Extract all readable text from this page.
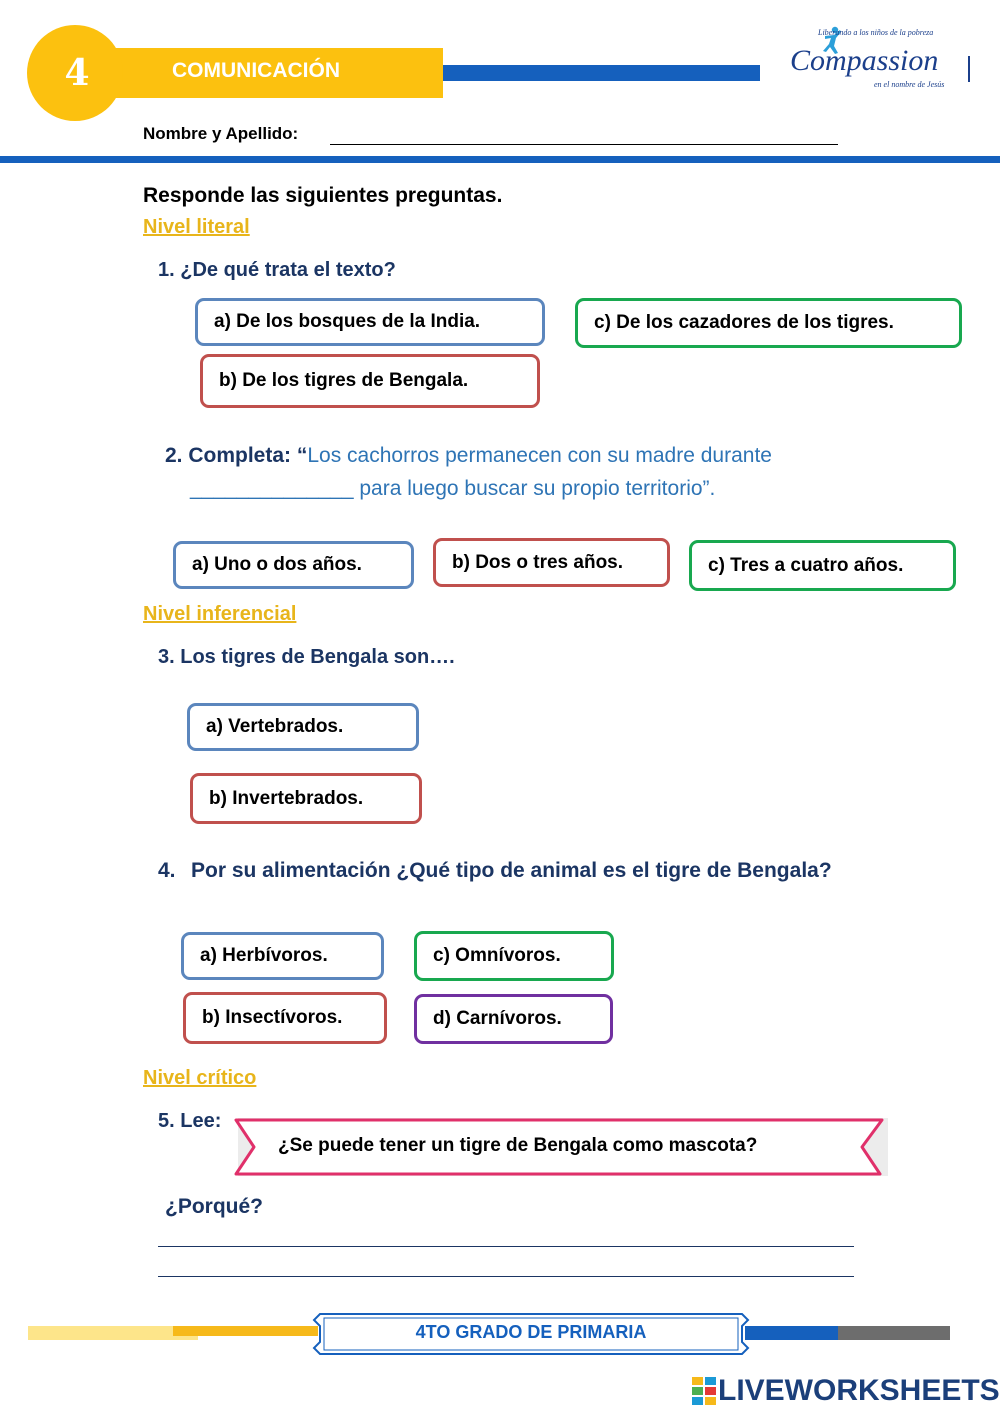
4	COMUNICACIÓN
Liberando a los niños de la pobreza
Compassion
en el nombre de Jesús
Nombre y Apellido:
Responde las siguientes preguntas.
Nivel literal
1. ¿De qué trata el texto?
a) De los bosques de la India.	c) De los cazadores de los tigres.
b) De los tigres de Bengala.
2. Completa: “Los cachorros permanecen con su madre durante
______________ para luego buscar su propio territorio”.
a) Uno o dos años.	b) Dos o tres años.	c) Tres a cuatro años.
Nivel inferencial
3. Los tigres de Bengala son….
a) Vertebrados.
b) Invertebrados.
4. Por su alimentación ¿Qué tipo de animal es el tigre de Bengala?
a) Herbívoros.	c) Omnívoros.
b) Insectívoros.	d) Carnívoros.
Nivel crítico
5. Lee:
¿Se puede tener un tigre de Bengala como mascota?
¿Porqué?
4TO GRADO DE PRIMARIA
LIVEWORKSHEETS
